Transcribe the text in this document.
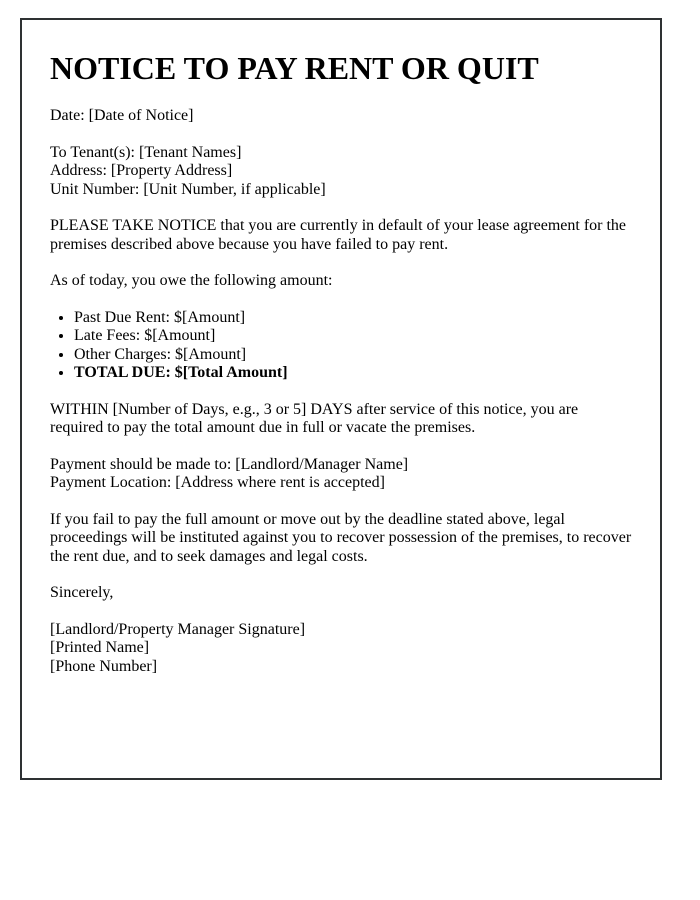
NOTICE TO PAY RENT OR QUIT

Date: [Date of Notice]

To Tenant(s): [Tenant Names]
Address: [Property Address]
Unit Number: [Unit Number, if applicable]

PLEASE TAKE NOTICE that you are currently in default of your lease agreement for the premises described above because you have failed to pay rent.

As of today, you owe the following amount:

• Past Due Rent: $[Amount]
• Late Fees: $[Amount]
• Other Charges: $[Amount]
• TOTAL DUE: $[Total Amount]

WITHIN [Number of Days, e.g., 3 or 5] DAYS after service of this notice, you are required to pay the total amount due in full or vacate the premises.

Payment should be made to: [Landlord/Manager Name]
Payment Location: [Address where rent is accepted]

If you fail to pay the full amount or move out by the deadline stated above, legal proceedings will be instituted against you to recover possession of the premises, to recover the rent due, and to seek damages and legal costs.

Sincerely,

[Landlord/Property Manager Signature]
[Printed Name]
[Phone Number]
